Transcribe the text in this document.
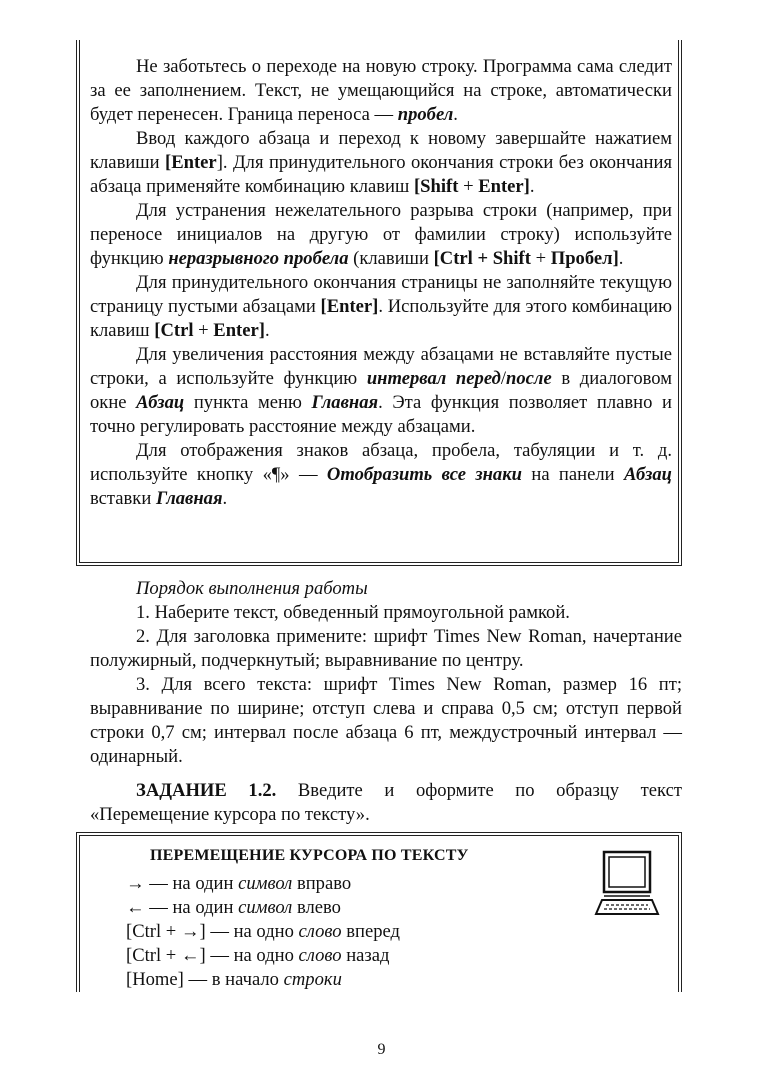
Не заботьтесь о переходе на новую строку. Программа сама следит за ее заполнением. Текст, не умещающийся на строке, автоматически будет перенесен. Граница переноса — пробел.

Ввод каждого абзаца и переход к новому завершайте нажатием клавиши [Enter]. Для принудительного окончания строки без окончания абзаца применяйте комбинацию клавиш [Shift + Enter].

Для устранения нежелательного разрыва строки (например, при переносе инициалов на другую от фамилии строку) используйте функцию неразрывного пробела (клавиши [Ctrl + Shift + Пробел].

Для принудительного окончания страницы не заполняйте текущую страницу пустыми абзацами [Enter]. Используйте для этого комбинацию клавиш [Ctrl + Enter].

Для увеличения расстояния между абзацами не вставляйте пустые строки, а используйте функцию интервал перед/после в диалоговом окне Абзац пункта меню Главная. Эта функция позволяет плавно и точно регулировать расстояние между абзацами.

Для отображения знаков абзаца, пробела, табуляции и т. д. используйте кнопку «¶» — Отобразить все знаки на панели Абзац вставки Главная.

Порядок выполнения работы

1. Наберите текст, обведенный прямоугольной рамкой.

2. Для заголовка примените: шрифт Times New Roman, начертание полужирный, подчеркнутый; выравнивание по центру.

3. Для всего текста: шрифт Times New Roman, размер 16 пт; выравнивание по ширине; отступ слева и справа 0,5 см; отступ первой строки 0,7 см; интервал после абзаца 6 пт, междустрочный интервал — одинарный.

ЗАДАНИЕ 1.2. Введите и оформите по образцу текст «Перемещение курсора по тексту».

ПЕРЕМЕЩЕНИЕ КУРСОРА ПО ТЕКСТУ
→ — на один символ вправо
← — на один символ влево
[Ctrl + →] — на одно слово вперед
[Ctrl + ←] — на одно слово назад
[Home] — в начало строки
9
